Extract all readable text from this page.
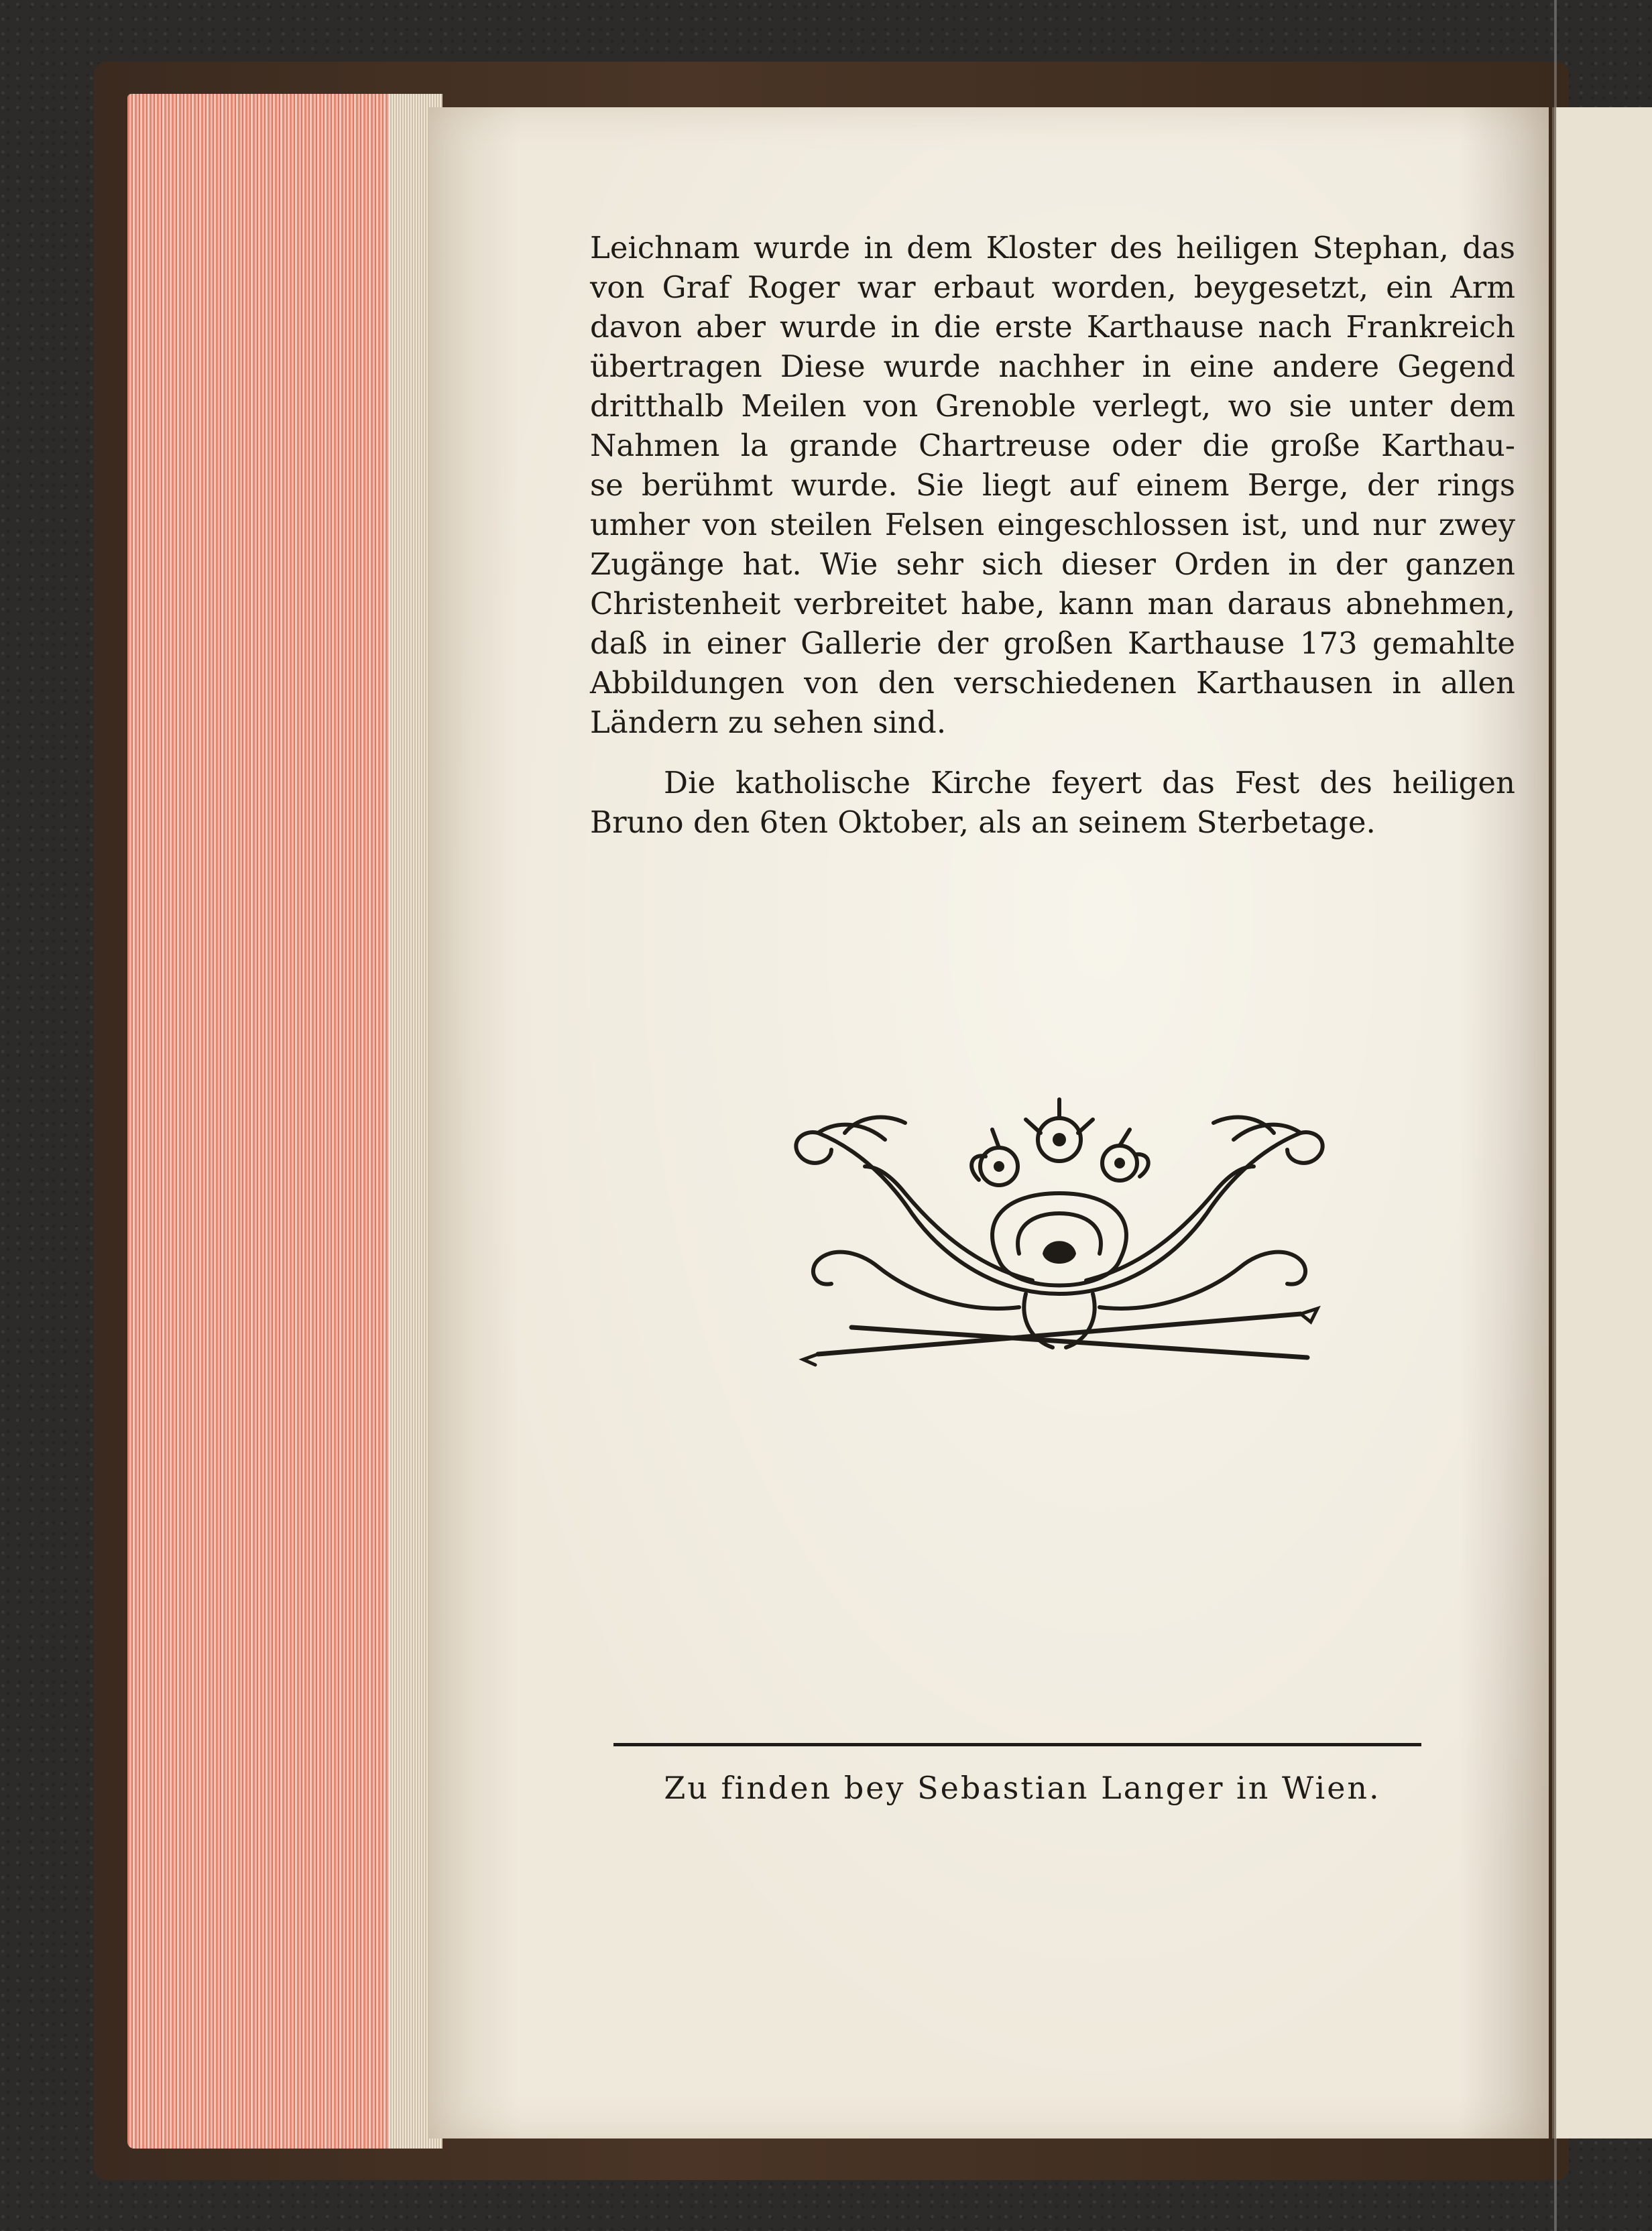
Leichnam wurde in dem Kloster des heiligen Stephan, das
von Graf Roger war erbaut worden, beygesetzt, ein Arm
davon aber wurde in die erste Karthause nach Frankreich
übertragen Diese wurde nachher in eine andere Gegend
dritthalb Meilen von Grenoble verlegt, wo sie unter dem
Nahmen la grande Chartreuse oder die große Karthau-
se berühmt wurde. Sie liegt auf einem Berge, der rings
umher von steilen Felsen eingeschlossen ist, und nur zwey
Zugänge hat. Wie sehr sich dieser Orden in der ganzen
Christenheit verbreitet habe, kann man daraus abnehmen,
daß in einer Gallerie der großen Karthause 173 gemahlte
Abbildungen von den verschiedenen Karthausen in allen
Ländern zu sehen sind.
Die katholische Kirche feyert das Fest des heiligen
Bruno den 6ten Oktober, als an seinem Sterbetage.
Zu finden bey Sebastian Langer in Wien.
